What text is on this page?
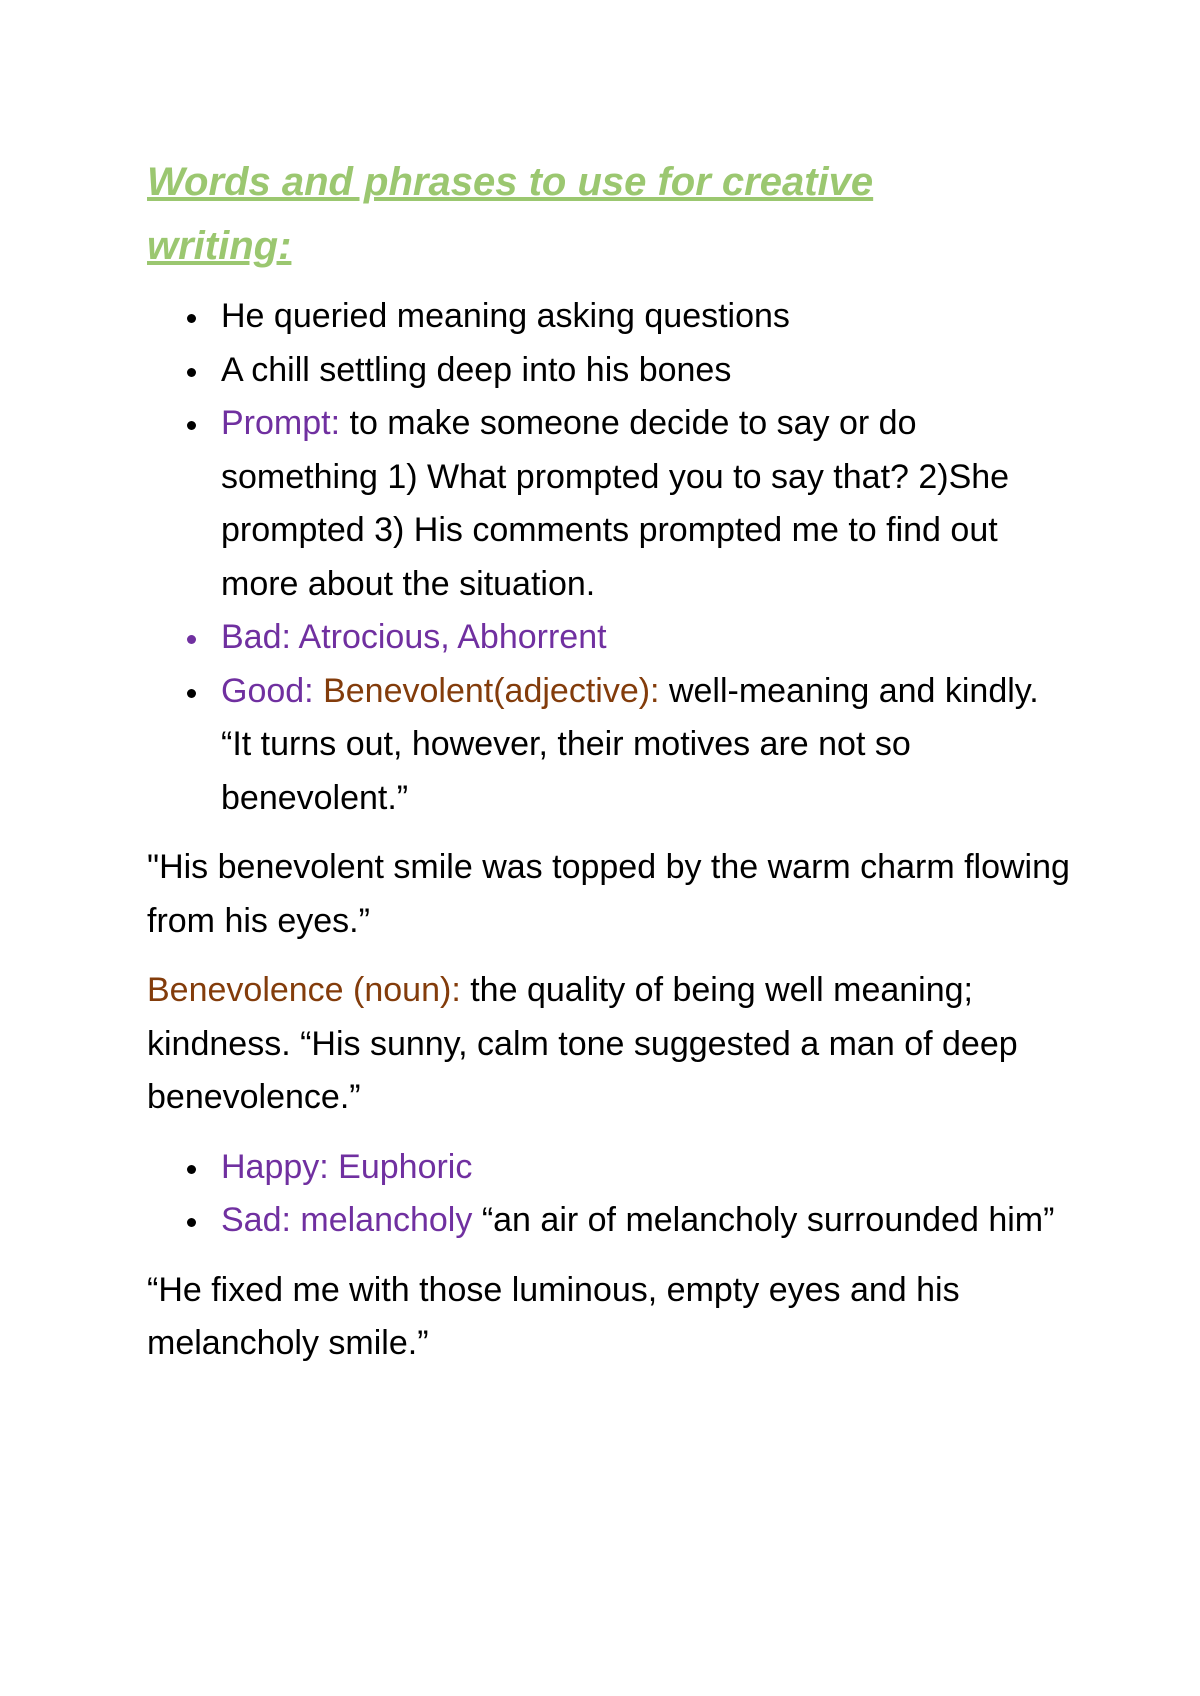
Words and phrases to use for creative
writing:
He queried meaning asking questions
A chill settling deep into his bones
Prompt: to make someone decide to say or do something 1) What prompted you to say that? 2)She prompted 3) His comments prompted me to find out more about the situation.
Bad: Atrocious, Abhorrent
Good: Benevolent(adjective): well-meaning and kindly. “It turns out, however, their motives are not so benevolent.”

"His benevolent smile was topped by the warm charm flowing from his eyes.”

Benevolence (noun): the quality of being well meaning; kindness. “His sunny, calm tone suggested a man of deep benevolence.”

Happy: Euphoric
Sad: melancholy “an air of melancholy surrounded him”

“He fixed me with those luminous, empty eyes and his melancholy smile.”
